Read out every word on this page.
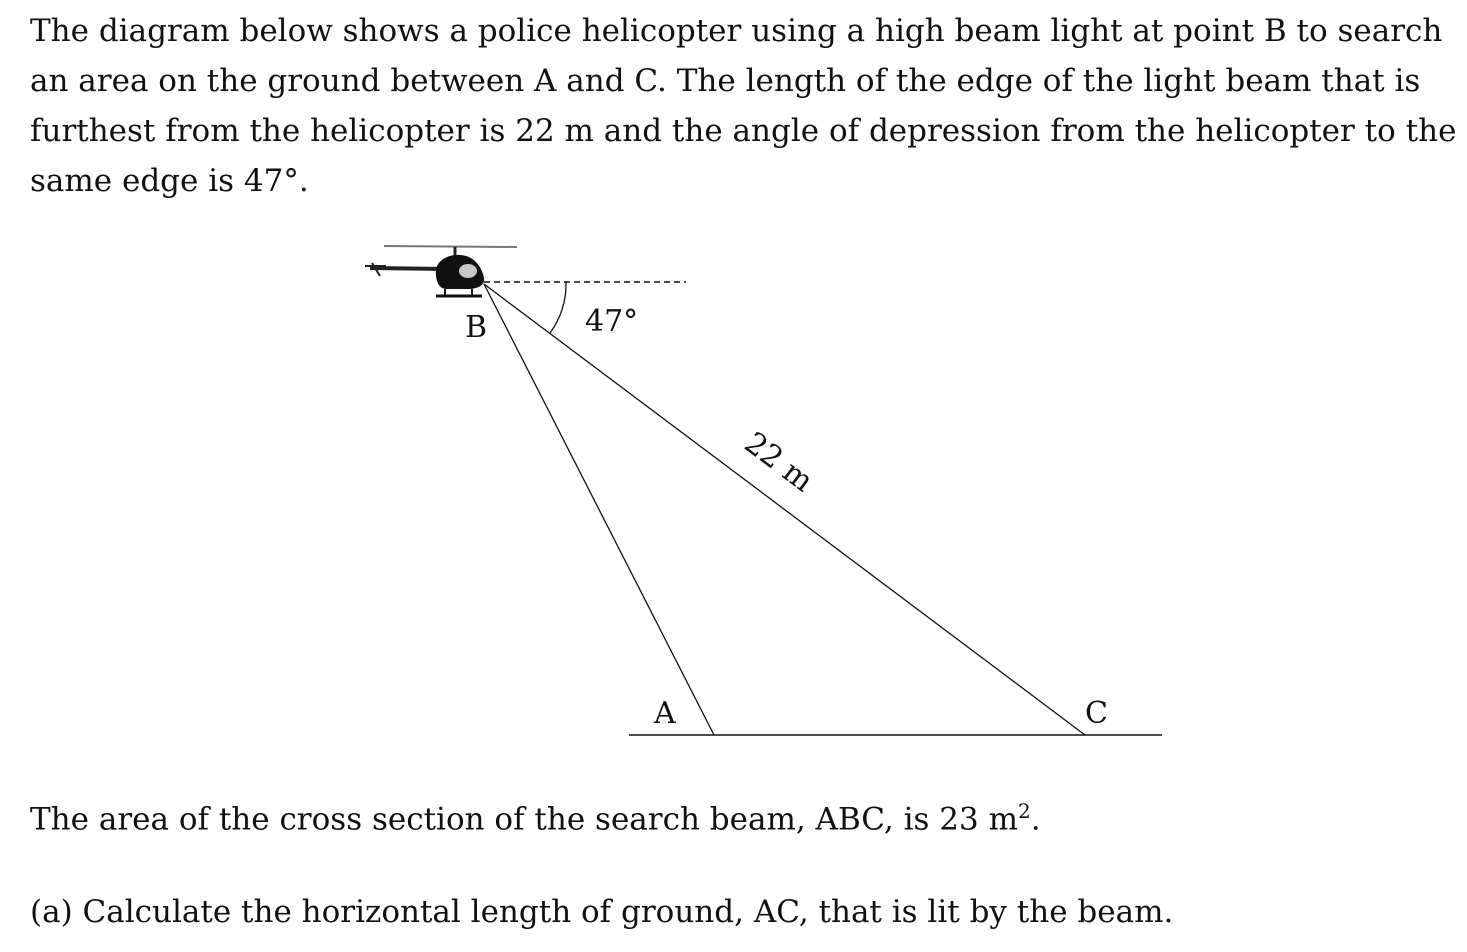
The diagram below shows a police helicopter using a high beam light at point B to search
an area on the ground between A and C. The length of the edge of the light beam that is
furthest from the helicopter is 22 m and the angle of depression from the helicopter to the
same edge is 47°.
B	47°
22 m
A	C
The area of the cross section of the search beam, ABC, is 23 $m^2$.
(a) Calculate the horizontal length of ground, AC, that is lit by the beam.
